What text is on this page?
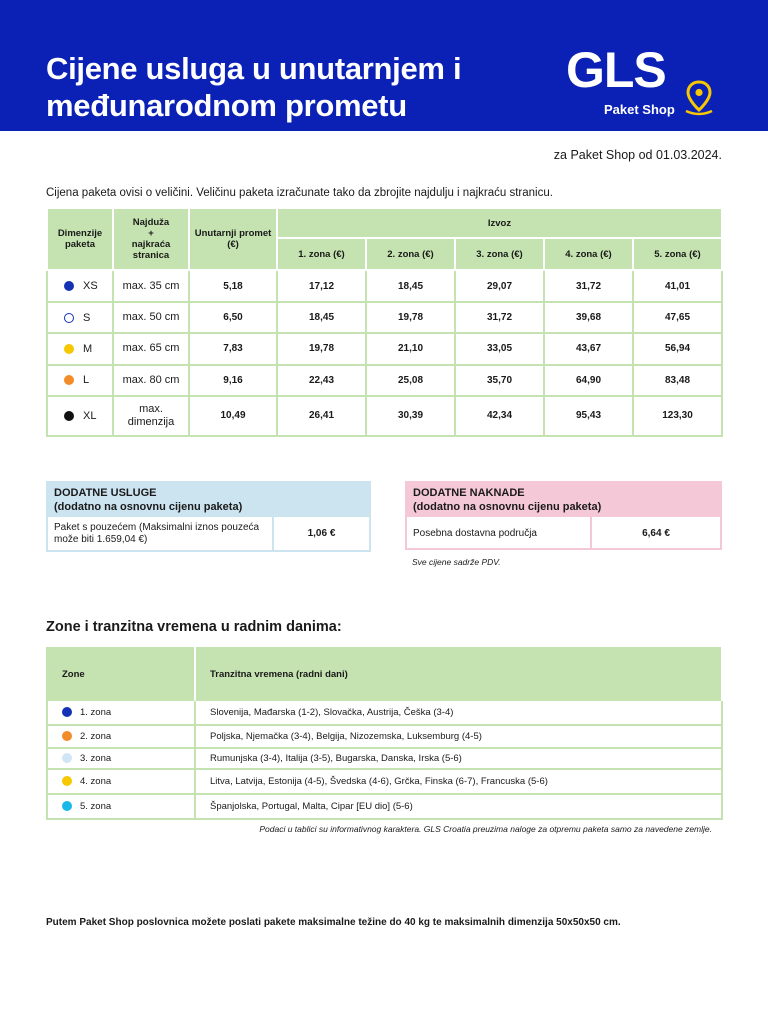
Cijene usluga u unutarnjem i
međunarodnom prometu
GLS
Paket Shop
za Paket Shop od 01.03.2024.
Cijena paketa ovisi o veličini. Veličinu paketa izračunate tako da zbrojite najdulju i najkraću stranicu.
Dimenzije paketa	Najduža
+
najkraća stranica	Unutarnji promet (€)	Izvoz				
			1. zona (€)	2. zona (€)	3. zona (€)	4. zona (€)	5. zona (€)
XS	max. 35 cm	5,18	17,12	18,45	29,07	31,72	41,01
S	max. 50 cm	6,50	18,45	19,78	31,72	39,68	47,65
M	max. 65 cm	7,83	19,78	21,10	33,05	43,67	56,94
L	max. 80 cm	9,16	22,43	25,08	35,70	64,90	83,48
XL	max. dimenzija	10,49	26,41	30,39	42,34	95,43	123,30
DODATNE USLUGE
(dodatno na osnovnu cijenu paketa)
Paket s pouzećem (Maksimalni iznos pouzeća može biti 1.659,04 €)	1,06 €
DODATNE NAKNADE
(dodatno na osnovnu cijenu paketa)
Posebna dostavna područja	6,64 €
Sve cijene sadrže PDV.
Zone i tranzitna vremena u radnim danima:
Zone	Tranzitna vremena (radni dani)
1. zona	Slovenija, Mađarska (1-2), Slovačka, Austrija, Češka (3-4)
2. zona	Poljska, Njemačka (3-4), Belgija, Nizozemska, Luksemburg (4-5)
3. zona	Rumunjska (3-4), Italija (3-5), Bugarska, Danska, Irska (5-6)
4. zona	Litva, Latvija, Estonija (4-5), Švedska (4-6), Grčka, Finska (6-7), Francuska (5-6)
5. zona	Španjolska, Portugal, Malta, Cipar [EU dio] (5-6)
Podaci u tablici su informativnog karaktera. GLS Croatia preuzima naloge za otpremu paketa samo za navedene zemlje.
Putem Paket Shop poslovnica možete poslati pakete maksimalne težine do 40 kg te maksimalnih dimenzija 50x50x50 cm.
